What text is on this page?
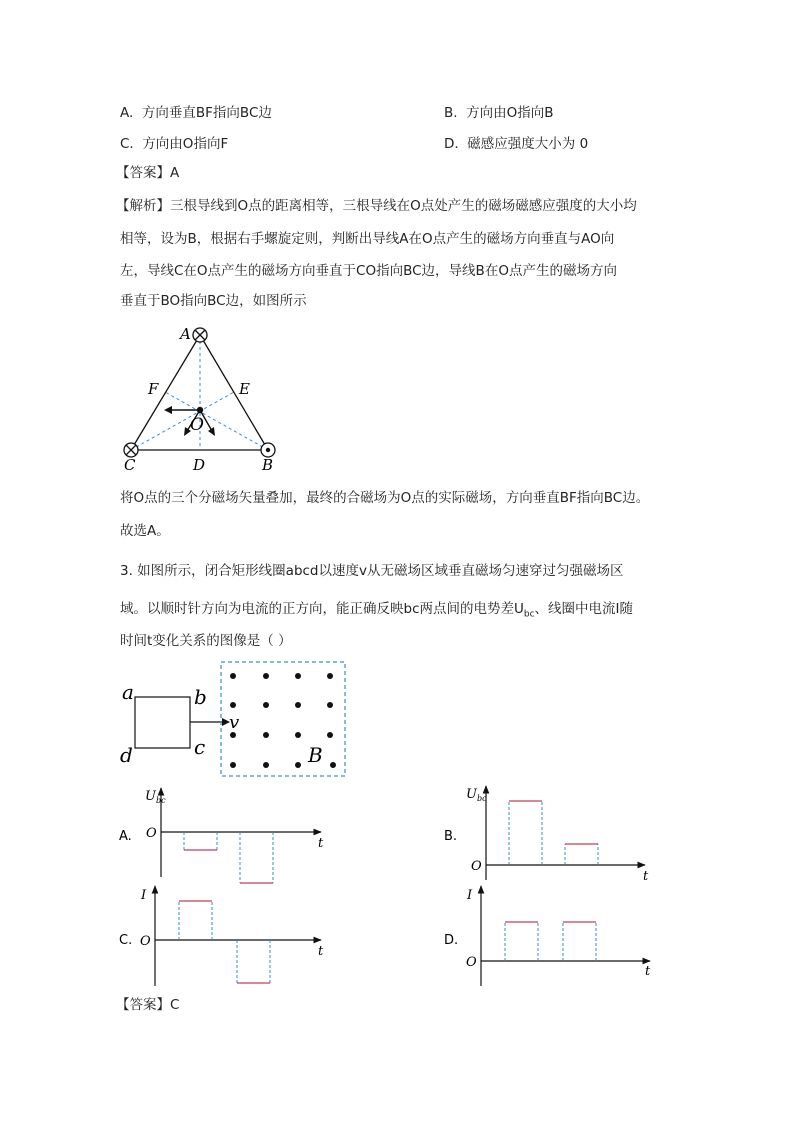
A. 方向垂直BF指向BC边	B. 方向由O指向B
C. 方向由O指向F	D. 磁感应强度大小为 0
【答案】A
【解析】三根导线到O点的距离相等，三根导线在O点处产生的磁场磁感应强度的大小均
相等，设为B，根据右手螺旋定则，判断出导线A在O点产生的磁场方向垂直与AO向
左，导线C在O点产生的磁场方向垂直于CO指向BC边，导线B在O点产生的磁场方向
垂直于BO指向BC边，如图所示
A
F	E
O
C	D	B
将O点的三个分磁场矢量叠加，最终的合磁场为O点的实际磁场，方向垂直BF指向BC边。
故选A。
3. 如图所示，闭合矩形线圈abcd以速度v从无磁场区域垂直磁场匀速穿过匀强磁场区
域。以顺时针方向为电流的正方向，能正确反映bc两点间的电势差$U_{bc}$、线圈中电流I随
时间t变化关系的图像是（ ）
a	b
c
d
v
B
A.
$U_{bc}$
O
t	B.
$U_{bc}$
O
t
C.
I
O
t
D.
I
O
t
【答案】C
